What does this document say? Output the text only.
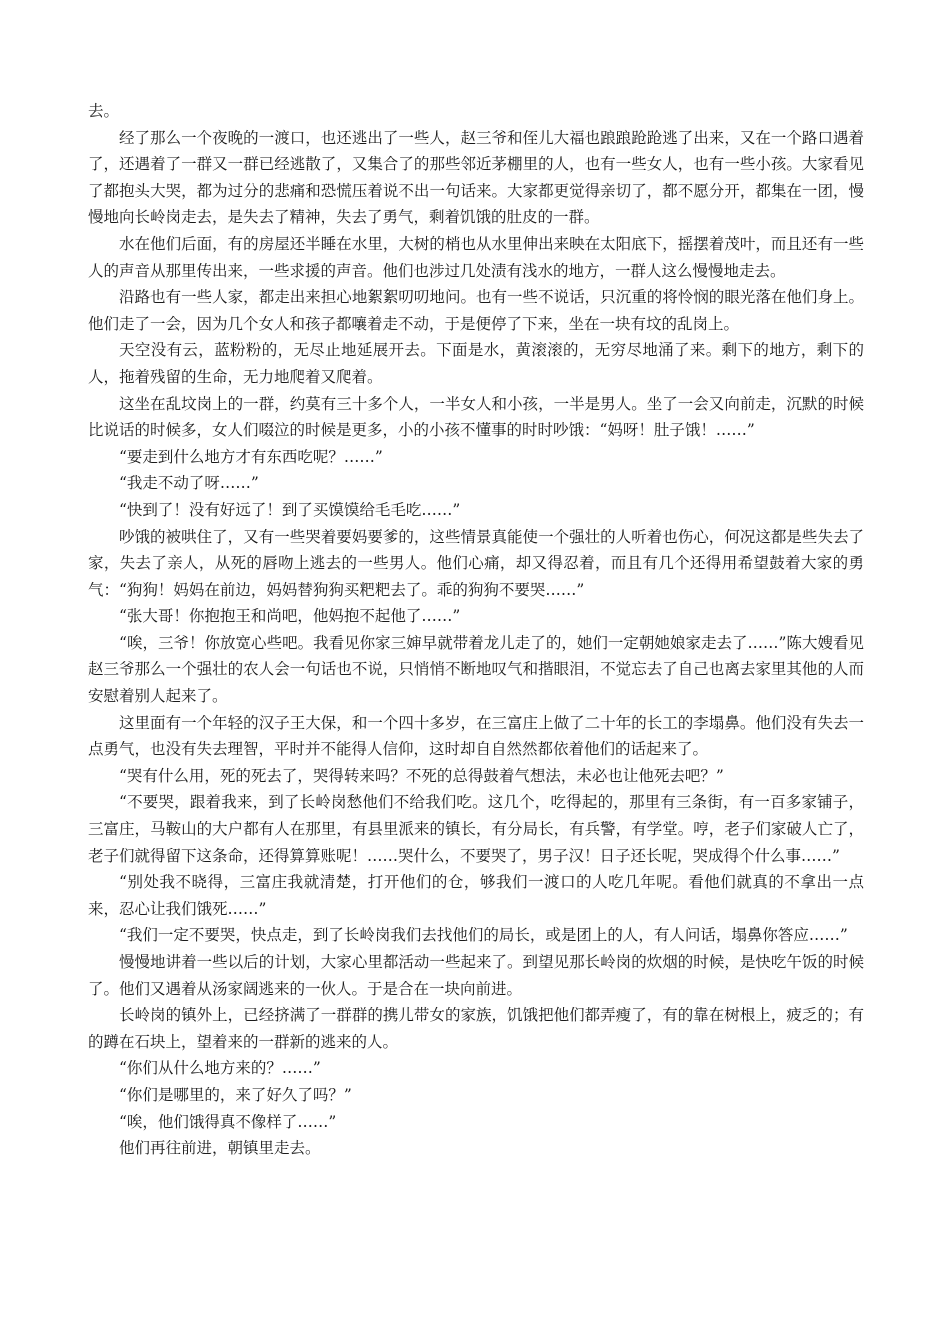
去。

经了那么一个夜晚的一渡口，也还逃出了一些人，赵三爷和侄儿大福也踉踉跄跄逃了出来，又在一个路口遇着了，还遇着了一群又一群已经逃散了，又集合了的那些邻近茅棚里的人，也有一些女人，也有一些小孩。大家看见了都抱头大哭，都为过分的悲痛和恐慌压着说不出一句话来。大家都更觉得亲切了，都不愿分开，都集在一团，慢慢地向长岭岗走去，是失去了精神，失去了勇气，剩着饥饿的肚皮的一群。

水在他们后面，有的房屋还半睡在水里，大树的梢也从水里伸出来映在太阳底下，摇摆着茂叶，而且还有一些人的声音从那里传出来，一些求援的声音。他们也涉过几处渍有浅水的地方，一群人这么慢慢地走去。

沿路也有一些人家，都走出来担心地絮絮叨叨地问。也有一些不说话，只沉重的将怜悯的眼光落在他们身上。他们走了一会，因为几个女人和孩子都嚷着走不动，于是便停了下来，坐在一块有坟的乱岗上。

天空没有云，蓝粉粉的，无尽止地延展开去。下面是水，黄滚滚的，无穷尽地涌了来。剩下的地方，剩下的人，拖着残留的生命，无力地爬着又爬着。

这坐在乱坟岗上的一群，约莫有三十多个人，一半女人和小孩，一半是男人。坐了一会又向前走，沉默的时候比说话的时候多，女人们啜泣的时候是更多，小的小孩不懂事的时时吵饿：“妈呀！肚子饿！……”

“要走到什么地方才有东西吃呢？……”

“我走不动了呀……”

“快到了！没有好远了！到了买馍馍给毛毛吃……”

吵饿的被哄住了，又有一些哭着要妈要爹的，这些情景真能使一个强壮的人听着也伤心，何况这都是些失去了家，失去了亲人，从死的唇吻上逃去的一些男人。他们心痛，却又得忍着，而且有几个还得用希望鼓着大家的勇气：“狗狗！妈妈在前边，妈妈替狗狗买粑粑去了。乖的狗狗不要哭……”

“张大哥！你抱抱王和尚吧，他妈抱不起他了……”

“唉，三爷！你放宽心些吧。我看见你家三婶早就带着龙儿走了的，她们一定朝她娘家走去了……”陈大嫂看见赵三爷那么一个强壮的农人会一句话也不说，只悄悄不断地叹气和揩眼泪，不觉忘去了自己也离去家里其他的人而安慰着别人起来了。

这里面有一个年轻的汉子王大保，和一个四十多岁，在三富庄上做了二十年的长工的李塌鼻。他们没有失去一点勇气，也没有失去理智，平时并不能得人信仰，这时却自自然然都依着他们的话起来了。

“哭有什么用，死的死去了，哭得转来吗？不死的总得鼓着气想法，未必也让他死去吧？”

“不要哭，跟着我来，到了长岭岗愁他们不给我们吃。这几个，吃得起的，那里有三条街，有一百多家铺子，三富庄，马鞍山的大户都有人在那里，有县里派来的镇长，有分局长，有兵警，有学堂。哼，老子们家破人亡了，老子们就得留下这条命，还得算算账呢！……哭什么，不要哭了，男子汉！日子还长呢，哭成得个什么事……”

“别处我不晓得，三富庄我就清楚，打开他们的仓，够我们一渡口的人吃几年呢。看他们就真的不拿出一点来，忍心让我们饿死……”

“我们一定不要哭，快点走，到了长岭岗我们去找他们的局长，或是团上的人，有人问话，塌鼻你答应……”

慢慢地讲着一些以后的计划，大家心里都活动一些起来了。到望见那长岭岗的炊烟的时候，是快吃午饭的时候了。他们又遇着从汤家阔逃来的一伙人。于是合在一块向前进。

长岭岗的镇外上，已经挤满了一群群的携儿带女的家族，饥饿把他们都弄瘦了，有的靠在树根上，疲乏的；有的蹲在石块上，望着来的一群新的逃来的人。

“你们从什么地方来的？……”

“你们是哪里的，来了好久了吗？”

“唉，他们饿得真不像样了……”

他们再往前进，朝镇里走去。
